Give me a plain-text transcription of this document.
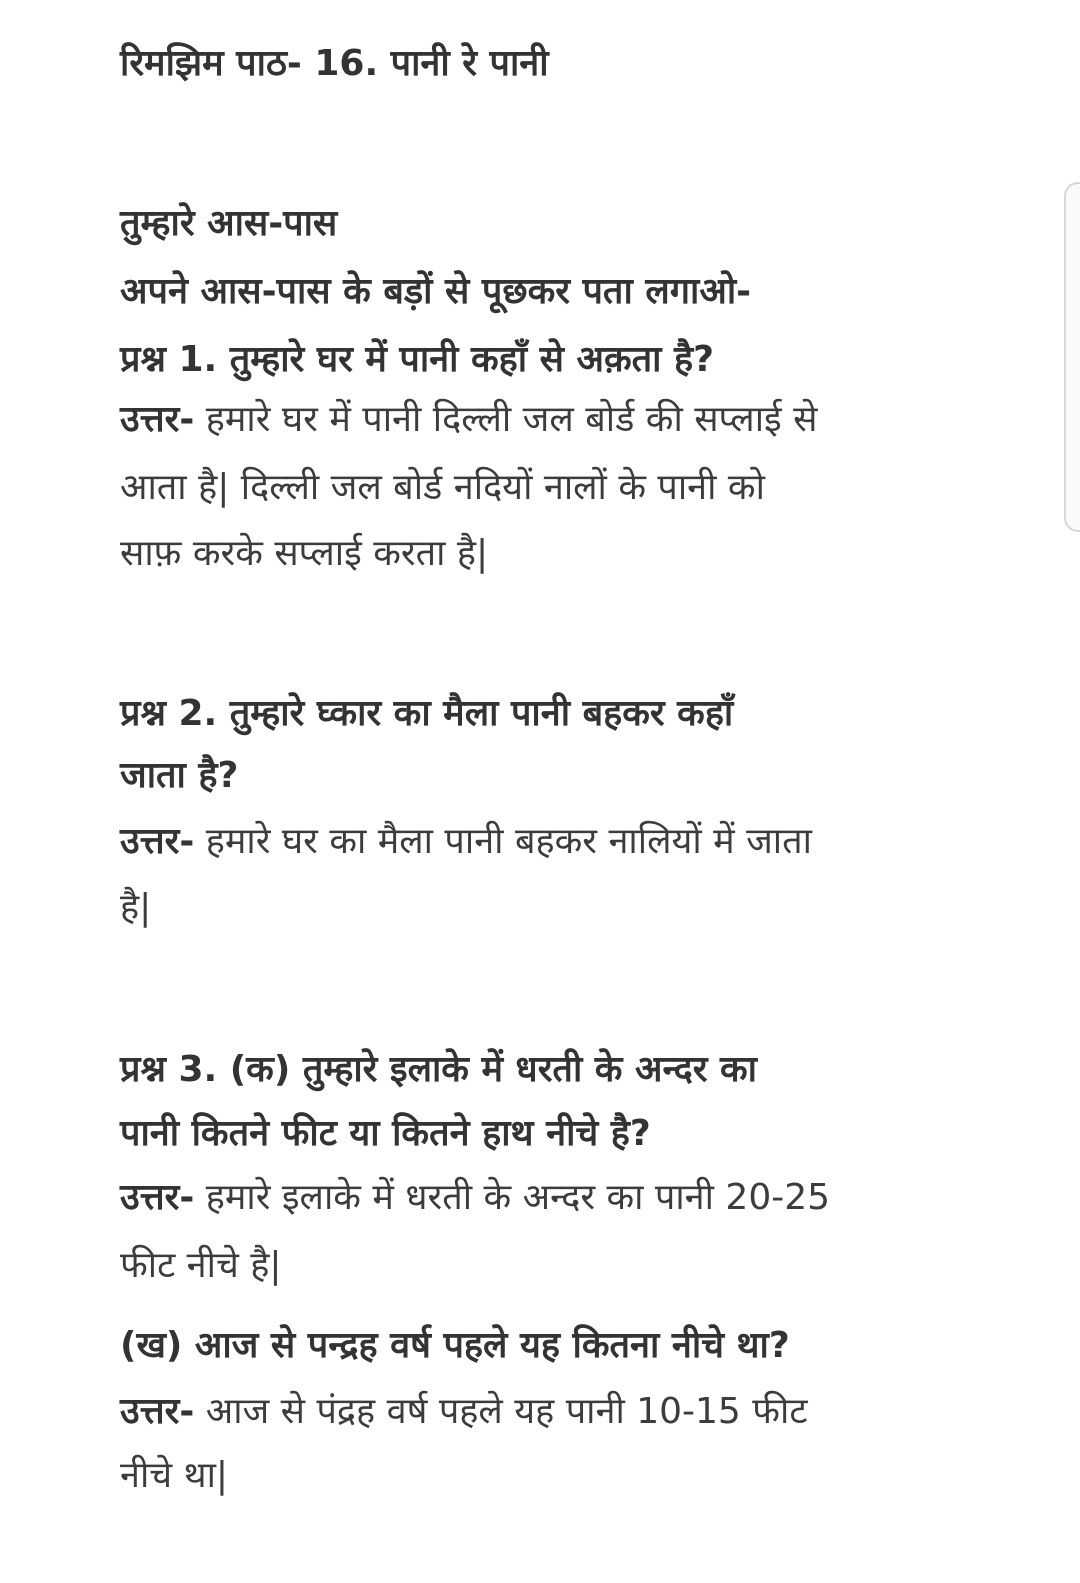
रिमझिम पाठ- 16. पानी रे पानी
तुम्हारे आस-पास
अपने आस-पास के बड़ों से पूछकर पता लगाओ-
प्रश्न 1. तुम्हारे घर में पानी कहाँ से अक़ता है?
उत्तर- हमारे घर में पानी दिल्ली जल बोर्ड की सप्लाई से
आता है| दिल्ली जल बोर्ड नदियों नालों के पानी को
साफ़ करके सप्लाई करता है|
प्रश्न 2. तुम्हारे घ्कार का मैला पानी बहकर कहाँ
जाता है?
उत्तर- हमारे घर का मैला पानी बहकर नालियों में जाता
है|
प्रश्न 3. (क) तुम्हारे इलाके में धरती के अन्दर का
पानी कितने फीट या कितने हाथ नीचे है?
उत्तर- हमारे इलाके में धरती के अन्दर का पानी 20-25
फीट नीचे है|
(ख) आज से पन्द्रह वर्ष पहले यह कितना नीचे था?
उत्तर- आज से पंद्रह वर्ष पहले यह पानी 10-15 फीट
नीचे था|
